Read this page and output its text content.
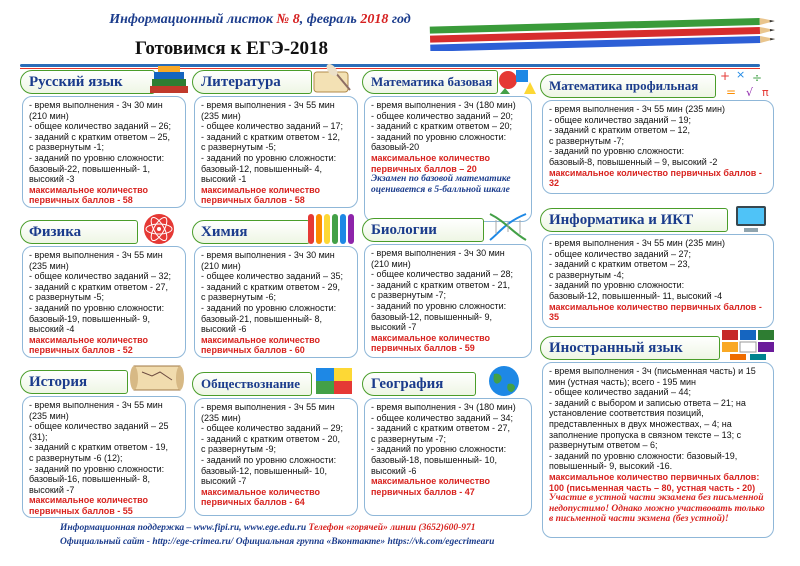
Информационный листок № 8, февраль 2018 год
Готовимся к ЕГЭ-2018
Русский язык

- время выполнения - 3ч 30 мин (210 мин)

- общее количество заданий – 26;

- заданий с кратким ответом – 25,

с развернутым -1;

- заданий по уровню сложности:

базовый-22, повышенный- 1,

высокий -3

максимальное количество первичных баллов - 58

Литература

- время выполнения - 3ч 55 мин (235 мин)

- общее количество заданий – 17;

- заданий с кратким ответом - 12,

с развернутым -5;

- заданий по уровню сложности:

базовый-12, повышенный- 4,

высокий -1

максимальное количество первичных баллов - 58

Математика базовая

- время выполнения - 3ч (180 мин)

- общее количество заданий – 20;

- заданий с кратким ответом – 20;

- заданий по уровню сложности:

базовый-20

максимальное количество первичных баллов – 20

Экзамен по базовой математике оценивается в 5-балльной шкале

Математика профильная
+ × ÷
= √ π

- время выполнения - 3ч 55 мин (235 мин)

- общее количество заданий – 19;

- заданий с кратким ответом – 12,

с развернутым -7;

- заданий по уровню сложности:

базовый-8, повышенный – 9, высокий -2

максимальное количество первичных баллов - 32

Физика

- время выполнения - 3ч 55 мин (235 мин)

- общее количество заданий – 32;

- заданий с кратким ответом - 27,

с развернутым -5;

- заданий по уровню сложности:

базовый-19, повышенный- 9,

высокий -4

максимальное количество первичных баллов - 52

Химия

- время выполнения - 3ч 30 мин (210 мин)

- общее количество заданий – 35;

- заданий с кратким ответом - 29,

с развернутым -6;

- заданий по уровню сложности:

базовый-21, повышенный- 8,

высокий -6

максимальное количество первичных баллов - 60

Биологии

- время выполнения - 3ч 30 мин (210 мин)

- общее количество заданий – 28;

- заданий с кратким ответом - 21,

с развернутым -7;

- заданий по уровню сложности:

базовый-12, повышенный- 9,

высокий -7

максимальное количество первичных баллов - 59

Информатика и ИКТ

- время выполнения - 3ч 55 мин (235 мин)

- общее количество заданий – 27;

- заданий с кратким ответом – 23,

с развернутым -4;

- заданий по уровню сложности:

базовый-12, повышенный- 11, высокий -4

максимальное количество первичных баллов - 35

История

- время выполнения - 3ч 55 мин (235 мин)

- общее количество заданий – 25 (31);

- заданий с кратким ответом - 19,

с развернутым -6 (12);

- заданий по уровню сложности:

базовый-16, повышенный- 8,

высокий -7

максимальное количество первичных баллов - 55

Обществознание

- время выполнения - 3ч 55 мин (235 мин)

- общее количество заданий – 29;

- заданий с кратким ответом - 20,

с развернутым -9;

- заданий по уровню сложности:

базовый-12, повышенный- 10,

высокий -7

максимальное количество первичных баллов - 64

География

- время выполнения - 3ч (180 мин)

- общее количество заданий – 34;

- заданий с кратким ответом - 27,

с развернутым -7;

- заданий по уровню сложности:

базовый-18, повышенный- 10,

высокий -6

максимальное количество первичных баллов - 47

Иностранный язык

- время выполнения - 3ч (письменная часть) и 15 мин (устная часть); всего - 195 мин

- общее количество заданий – 44;

- заданий с выбором и записью ответа – 21; на установление соответствия позиций, представленных в двух множествах, – 4; на заполнение пропуска в связном тексте – 13; с развернутым ответом – 6;

- заданий по уровню сложности: базовый-19, повышенный- 9, высокий -16.

максимальное количество первичных баллов: 100 (письменная часть – 80, устная часть - 20)

Участие в устной части экзамена без письменной недопустимо! Однако можно участвовать только в письменной части экзмена (без устной)!

Информационная поддержка – www.fipi.ru, www.ege.edu.ru Телефон «горячей» линии (3652)600-971
Официальный сайт - http://ege-crimea.ru/ Официальная группа «Вконтакте» https://vk.com/egecrimearu
